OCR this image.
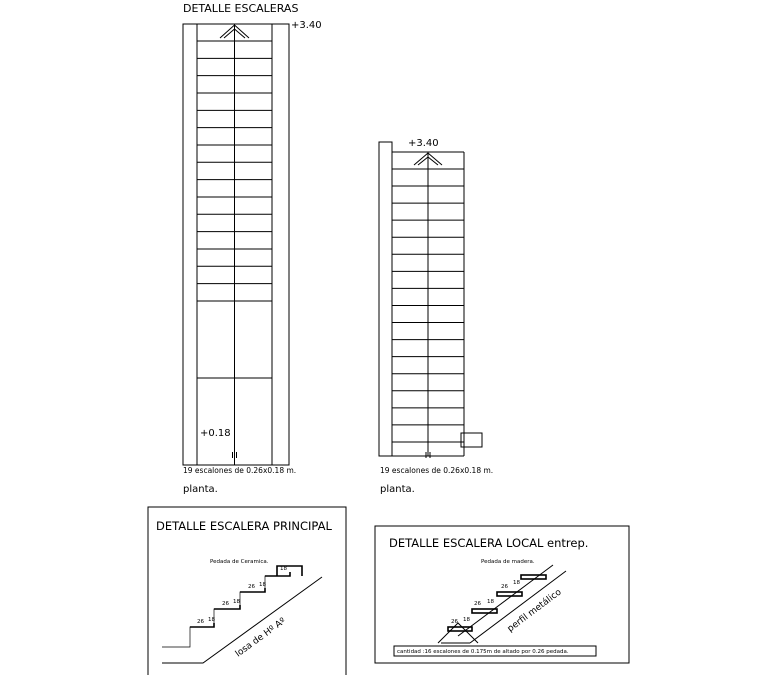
DETALLE ESCALERAS
+3.40
+0.18
19 escalones de 0.26x0.18 m.
planta.
+3.40
19 escalones de 0.26x0.18 m.
planta.
DETALLE ESCALERA PRINCIPAL
Pedada de Ceramica.
26 18
26 18
26 18
18
losa de Hº Aº
DETALLE ESCALERA LOCAL entrep.
Pedada de madera.
26 18
26 18
26
18
perfil metálico
cantidad :16 escalones de 0.175m de altado por 0.26 pedada.
